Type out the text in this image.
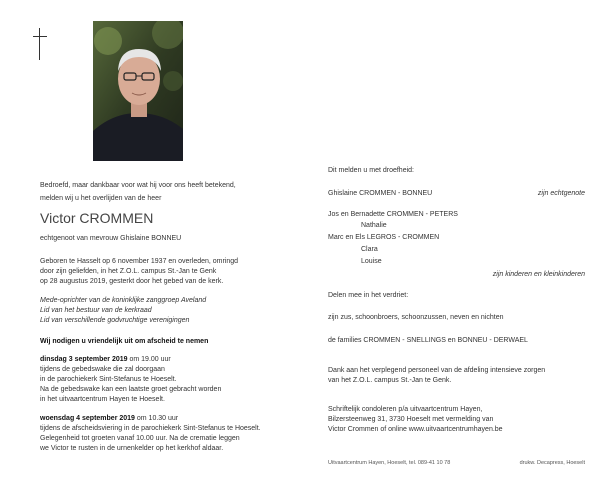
Bedroefd, maar dankbaar voor wat hij voor ons heeft betekend,
melden wij u het overlijden van de heer
Victor CROMMEN
echtgenoot van mevrouw Ghislaine BONNEU
Geboren te Hasselt op 6 november 1937 en overleden, omringd
door zijn geliefden, in het Z.O.L. campus St.-Jan te Genk
op 28 augustus 2019, gesterkt door het gebed van de kerk.
Mede-oprichter van de koninklijke zanggroep Aveland
Lid van het bestuur van de kerkraad
Lid van verschillende godvruchtige verenigingen
Wij nodigen u vriendelijk uit om afscheid te nemen
dinsdag 3 september 2019 om 19.00 uur
tijdens de gebedswake die zal doorgaan
in de parochiekerk Sint-Stefanus te Hoeselt.
Na de gebedswake kan een laatste groet gebracht worden
in het uitvaartcentrum Hayen te Hoeselt.
woensdag 4 september 2019 om 10.30 uur
tijdens de afscheidsviering in de parochiekerk Sint-Stefanus te Hoeselt.
Gelegenheid tot groeten vanaf 10.00 uur. Na de crematie leggen
we Victor te rusten in de urnenkelder op het kerkhof aldaar.
Uitvaartcentrum Hayen, Hoeselt, tel. 089-41 10 78
Dit melden u met droefheid:
Ghislaine CROMMEN - BONNEU	zijn echtgenote
Jos en Bernadette CROMMEN - PETERS
Nathalie
Marc en Els LEGROS - CROMMEN
Clara
Louise
zijn kinderen en kleinkinderen
Delen mee in het verdriet:
zijn zus, schoonbroers, schoonzussen, neven en nichten
de families CROMMEN - SNELLINGS en BONNEU - DERWAEL
Dank aan het verplegend personeel van de afdeling intensieve zorgen
van het Z.O.L. campus St.-Jan te Genk.
Schriftelijk condoleren p/a uitvaartcentrum Hayen,
Bilzersteenweg 31, 3730 Hoeselt met vermelding van
Victor Crommen of online www.uitvaartcentrumhayen.be
drukw. Decapress, Hoeselt
